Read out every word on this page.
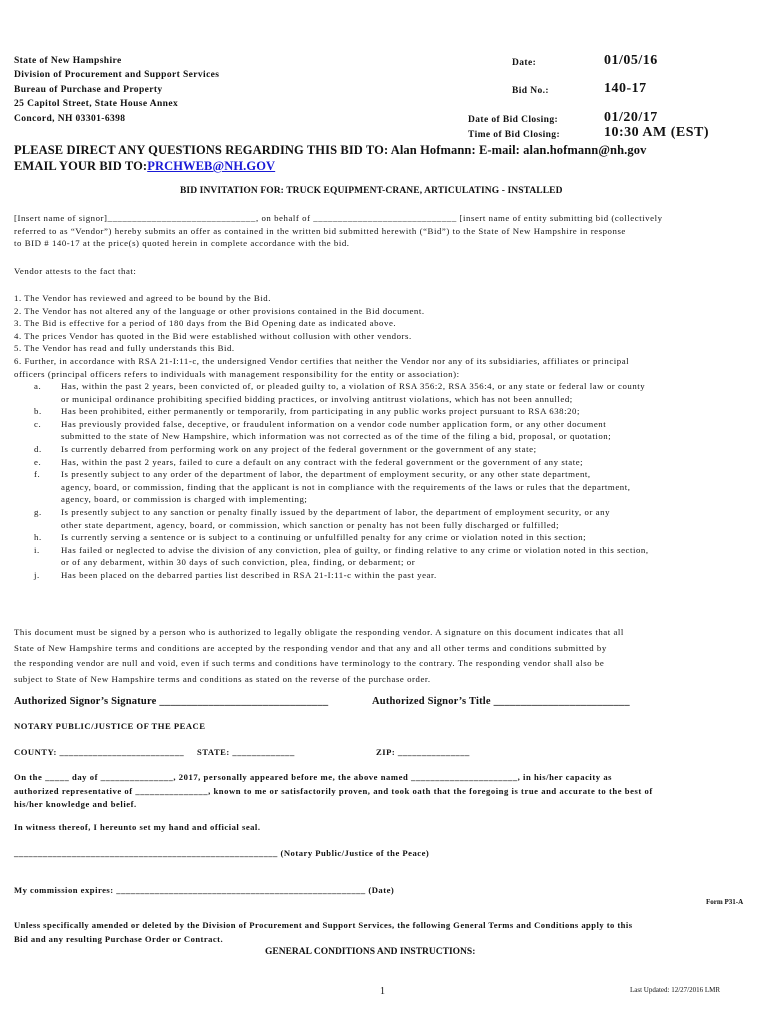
State of New Hampshire
Division of Procurement and Support Services
Bureau of Purchase and Property
25 Capitol Street, State House Annex
Concord, NH 03301-6398
Date:	01/05/16
Bid No.:	140-17
Date of Bid Closing:	01/20/17
Time of Bid Closing:	10:30 AM (EST)
PLEASE DIRECT ANY QUESTIONS REGARDING THIS BID TO: Alan Hofmann: E-mail: alan.hofmann@nh.gov
EMAIL YOUR BID TO:PRCHWEB@NH.GOV
BID INVITATION FOR: TRUCK EQUIPMENT-CRANE, ARTICULATING - INSTALLED
[Insert name of signor]______________________________, on behalf of _____________________________ [insert name of entity submitting bid (collectively
referred to as “Vendor”) hereby submits an offer as contained in the written bid submitted herewith (“Bid”) to the State of New Hampshire in response
to BID # 140-17 at the price(s) quoted herein in complete accordance with the bid.
Vendor attests to the fact that:
1. The Vendor has reviewed and agreed to be bound by the Bid.
2. The Vendor has not altered any of the language or other provisions contained in the Bid document.
3. The Bid is effective for a period of 180 days from the Bid Opening date as indicated above.
4. The prices Vendor has quoted in the Bid were established without collusion with other vendors.
5. The Vendor has read and fully understands this Bid.
6. Further, in accordance with RSA 21-I:11-c, the undersigned Vendor certifies that neither the Vendor nor any of its subsidiaries, affiliates or principal
officers (principal officers refers to individuals with management responsibility for the entity or association):
a. Has, within the past 2 years, been convicted of, or pleaded guilty to, a violation of RSA 356:2, RSA 356:4, or any state or federal law or county
or municipal ordinance prohibiting specified bidding practices, or involving antitrust violations, which has not been annulled;
b. Has been prohibited, either permanently or temporarily, from participating in any public works project pursuant to RSA 638:20;
c. Has previously provided false, deceptive, or fraudulent information on a vendor code number application form, or any other document
submitted to the state of New Hampshire, which information was not corrected as of the time of the filing a bid, proposal, or quotation;
d. Is currently debarred from performing work on any project of the federal government or the government of any state;
e. Has, within the past 2 years, failed to cure a default on any contract with the federal government or the government of any state;
f. Is presently subject to any order of the department of labor, the department of employment security, or any other state department,
agency, board, or commission, finding that the applicant is not in compliance with the requirements of the laws or rules that the department,
agency, board, or commission is charged with implementing;
g. Is presently subject to any sanction or penalty finally issued by the department of labor, the department of employment security, or any
other state department, agency, board, or commission, which sanction or penalty has not been fully discharged or fulfilled;
h. Is currently serving a sentence or is subject to a continuing or unfulfilled penalty for any crime or violation noted in this section;
i. Has failed or neglected to advise the division of any conviction, plea of guilty, or finding relative to any crime or violation noted in this section,
or of any debarment, within 30 days of such conviction, plea, finding, or debarment; or
j. Has been placed on the debarred parties list described in RSA 21-I:11-c within the past year.
This document must be signed by a person who is authorized to legally obligate the responding vendor. A signature on this document indicates that all
State of New Hampshire terms and conditions are accepted by the responding vendor and that any and all other terms and conditions submitted by
the responding vendor are null and void, even if such terms and conditions have terminology to the contrary. The responding vendor shall also be
subject to State of New Hampshire terms and conditions as stated on the reverse of the purchase order.
Authorized Signor’s Signature _______________________________	Authorized Signor’s Title _________________________
NOTARY PUBLIC/JUSTICE OF THE PEACE
COUNTY: __________________________ STATE: _____________	ZIP: _______________
On the _____ day of _______________, 2017, personally appeared before me, the above named ______________________, in his/her capacity as
authorized representative of _______________, known to me or satisfactorily proven, and took oath that the foregoing is true and accurate to the best of
his/her knowledge and belief.
In witness thereof, I hereunto set my hand and official seal.
_______________________________________________________ (Notary Public/Justice of the Peace)
My commission expires: ____________________________________________________ (Date)
Form P31-A
Unless specifically amended or deleted by the Division of Procurement and Support Services, the following General Terms and Conditions apply to this
Bid and any resulting Purchase Order or Contract.
GENERAL CONDITIONS AND INSTRUCTIONS:
1	Last Updated: 12/27/2016 LMR
